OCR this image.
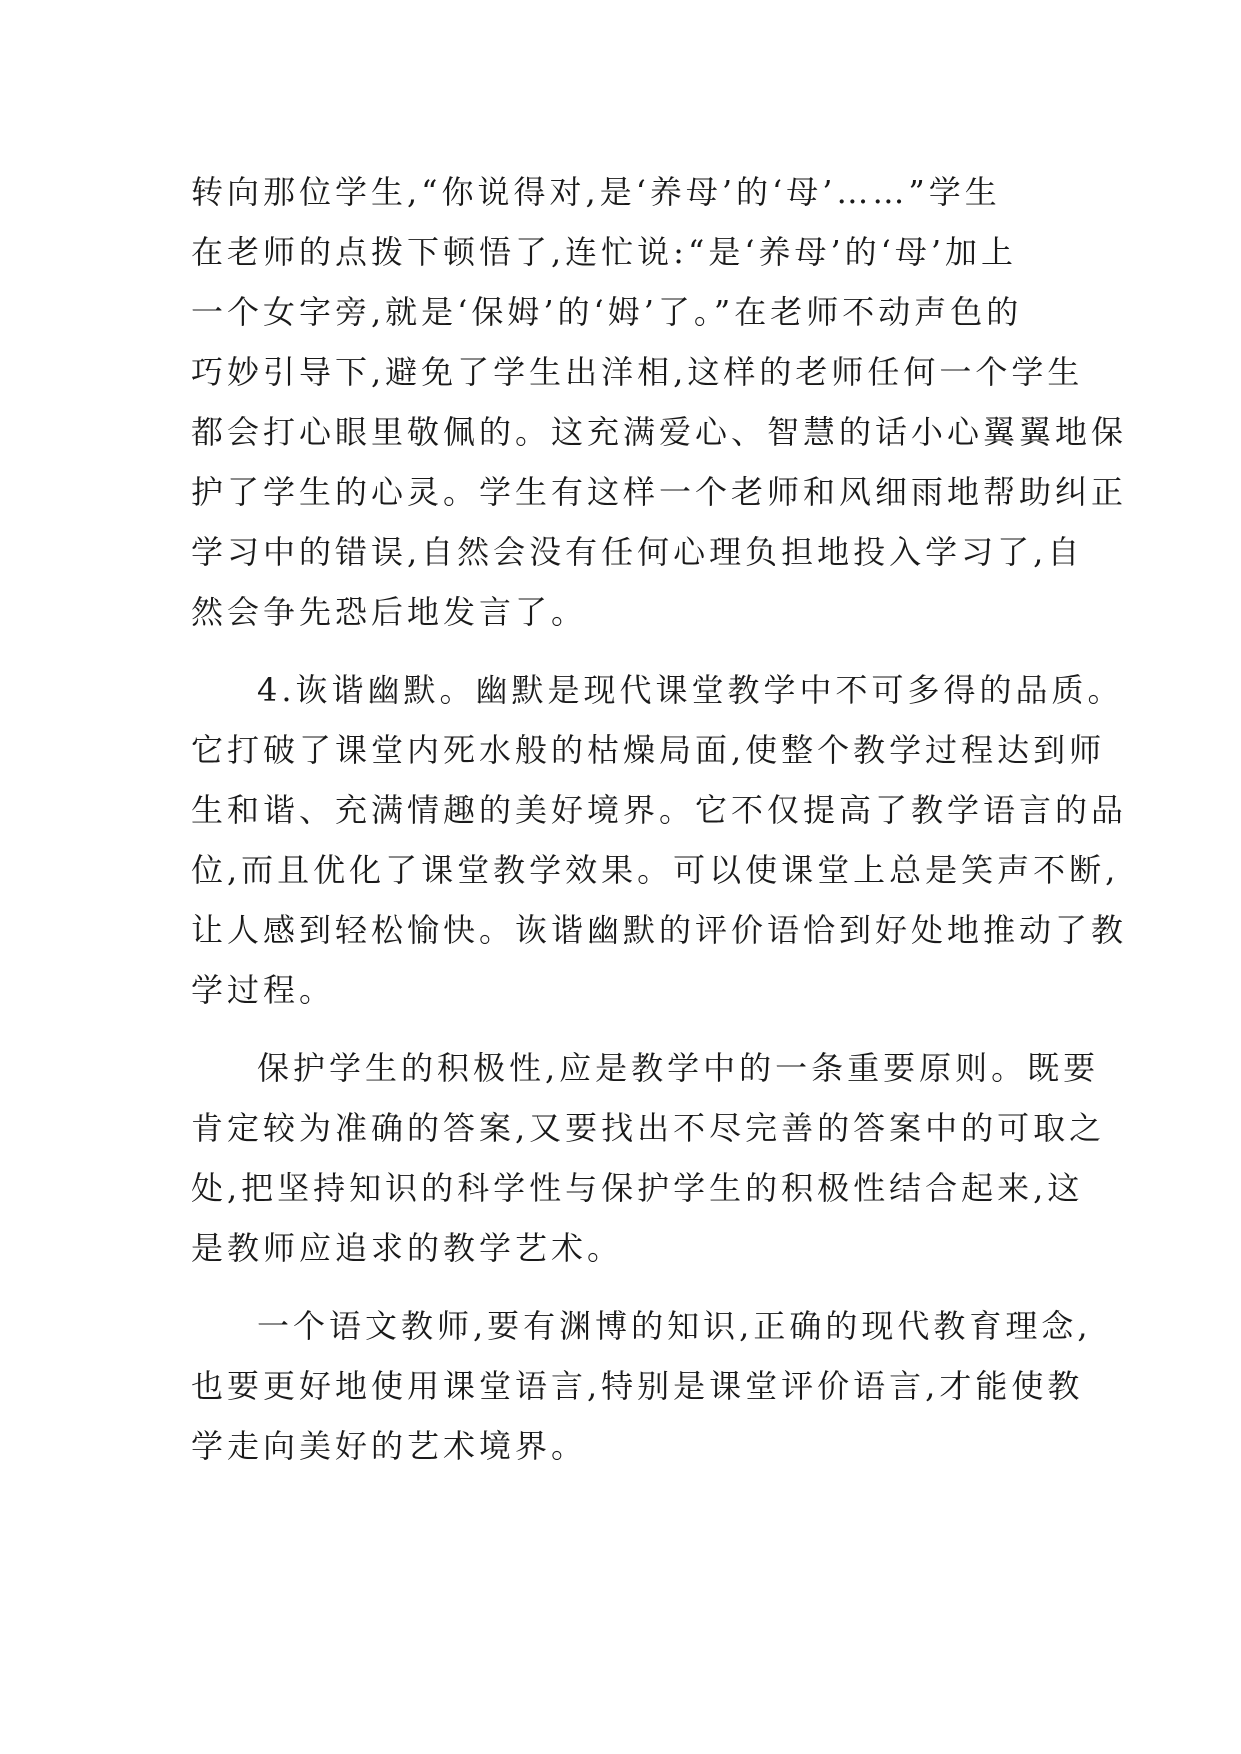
转向那位学生,“你说得对,是‘养母’的‘母’……”学生
在老师的点拨下顿悟了,连忙说:“是‘养母’的‘母’加上
一个女字旁,就是‘保姆’的‘姆’了。”在老师不动声色的
巧妙引导下,避免了学生出洋相,这样的老师任何一个学生
都会打心眼里敬佩的。这充满爱心、智慧的话小心翼翼地保
护了学生的心灵。学生有这样一个老师和风细雨地帮助纠正
学习中的错误,自然会没有任何心理负担地投入学习了,自
然会争先恐后地发言了。
4.诙谐幽默。幽默是现代课堂教学中不可多得的品质。
它打破了课堂内死水般的枯燥局面,使整个教学过程达到师
生和谐、充满情趣的美好境界。它不仅提高了教学语言的品
位,而且优化了课堂教学效果。可以使课堂上总是笑声不断,
让人感到轻松愉快。诙谐幽默的评价语恰到好处地推动了教
学过程。
保护学生的积极性,应是教学中的一条重要原则。既要
肯定较为准确的答案,又要找出不尽完善的答案中的可取之
处,把坚持知识的科学性与保护学生的积极性结合起来,这
是教师应追求的教学艺术。
一个语文教师,要有渊博的知识,正确的现代教育理念,
也要更好地使用课堂语言,特别是课堂评价语言,才能使教
学走向美好的艺术境界。
